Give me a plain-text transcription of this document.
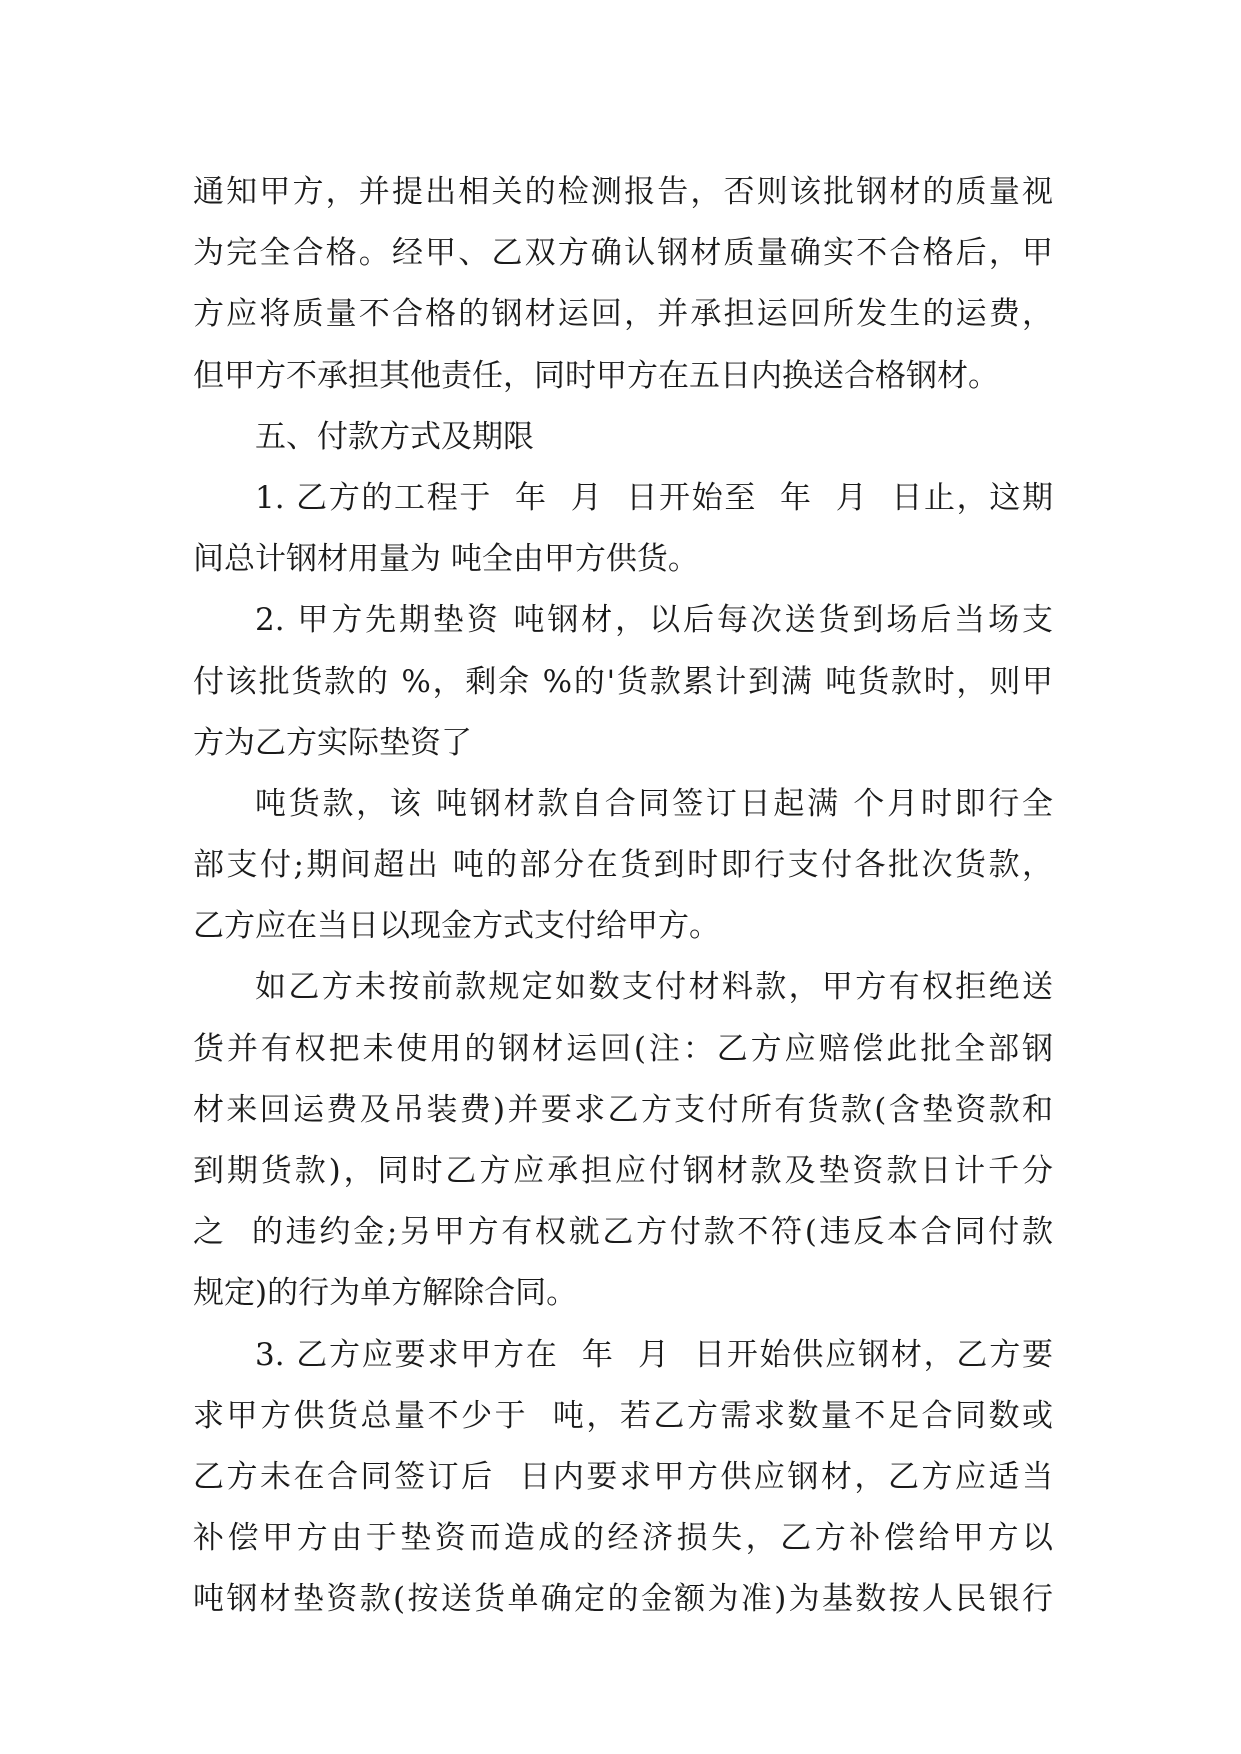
通知甲方，并提出相关的检测报告，否则该批钢材的质量视
为完全合格。经甲、乙双方确认钢材质量确实不合格后，甲
方应将质量不合格的钢材运回，并承担运回所发生的运费，
但甲方不承担其他责任，同时甲方在五日内换送合格钢材。
五、付款方式及期限
1. 乙方的工程于  年  月  日开始至  年  月  日止，这期
间总计钢材用量为 吨全由甲方供货。
2. 甲方先期垫资 吨钢材，以后每次送货到场后当场支
付该批货款的 %，剩余 %的'货款累计到满 吨货款时，则甲
方为乙方实际垫资了
吨货款，该 吨钢材款自合同签订日起满 个月时即行全
部支付;期间超出 吨的部分在货到时即行支付各批次货款，
乙方应在当日以现金方式支付给甲方。
如乙方未按前款规定如数支付材料款，甲方有权拒绝送
货并有权把未使用的钢材运回(注：乙方应赔偿此批全部钢
材来回运费及吊装费)并要求乙方支付所有货款(含垫资款和
到期货款)，同时乙方应承担应付钢材款及垫资款日计千分
之  的违约金;另甲方有权就乙方付款不符(违反本合同付款
规定)的行为单方解除合同。
3. 乙方应要求甲方在  年  月  日开始供应钢材，乙方要
求甲方供货总量不少于  吨，若乙方需求数量不足合同数或
乙方未在合同签订后  日内要求甲方供应钢材，乙方应适当
补偿甲方由于垫资而造成的经济损失，乙方补偿给甲方以
吨钢材垫资款(按送货单确定的金额为准)为基数按人民银行
